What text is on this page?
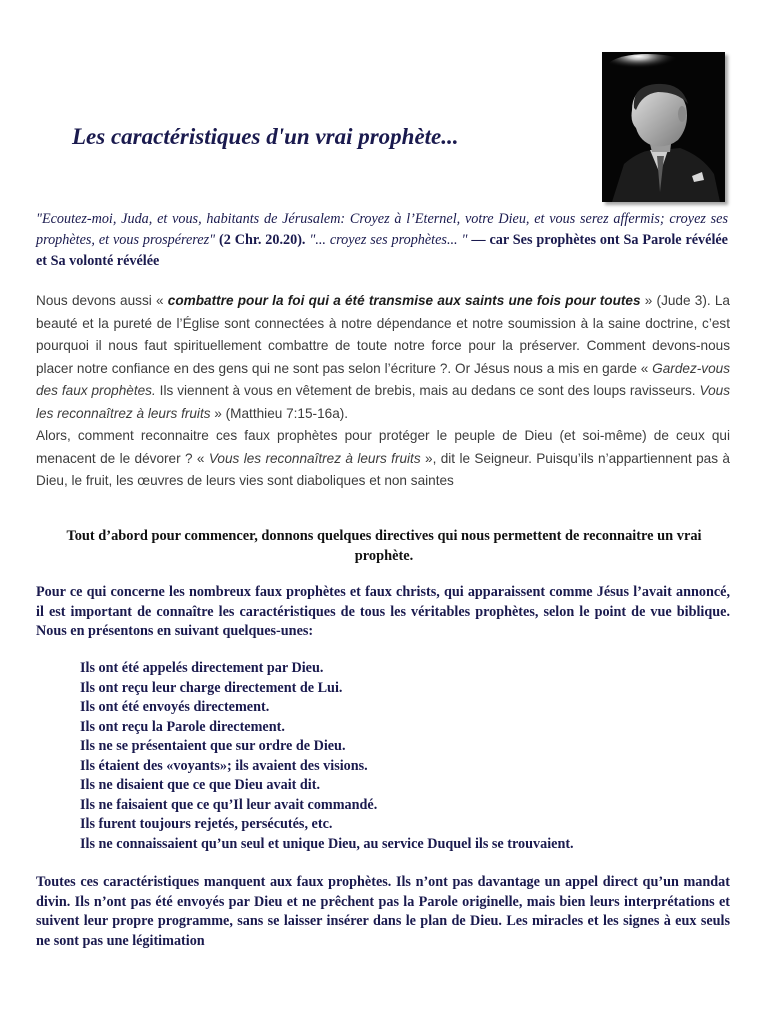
Les caractéristiques d'un vrai prophète...
"Ecoutez-moi, Juda, et vous, habitants de Jérusalem: Croyez à l’Eternel, votre Dieu, et vous serez affermis; croyez ses prophètes, et vous prospérerez" (2 Chr. 20.20). "... croyez ses prophètes... " — car Ses prophètes ont Sa Parole révélée et Sa volonté révélée

Nous devons aussi « combattre pour la foi qui a été transmise aux saints une fois pour toutes » (Jude 3). La beauté et la pureté de l’Église sont connectées à notre dépendance et notre soumission à la saine doctrine, c’est pourquoi il nous faut spirituellement combattre de toute notre force pour la préserver. Comment devons-nous placer notre confiance en des gens qui ne sont pas selon l’écriture ?. Or Jésus nous a mis en garde « Gardez-vous des faux prophètes. Ils viennent à vous en vêtement de brebis, mais au dedans ce sont des loups ravisseurs. Vous les reconnaîtrez à leurs fruits » (Matthieu 7:15-16a).

Alors, comment reconnaitre ces faux prophètes pour protéger le peuple de Dieu (et soi-même) de ceux qui menacent de le dévorer ? « Vous les reconnaîtrez à leurs fruits », dit le Seigneur. Puisqu’ils n’appartiennent pas à Dieu, le fruit, les œuvres de leurs vies sont diaboliques et non saintes

Tout d’abord pour commencer, donnons quelques directives qui nous permettent de reconnaitre un vrai prophète.
Pour ce qui concerne les nombreux faux prophètes et faux christs, qui apparaissent comme Jésus l’avait annoncé, il est important de connaître les caractéristiques de tous les véritables prophètes, selon le point de vue biblique. Nous en présentons en suivant quelques-unes:
Ils ont été appelés directement par Dieu.
Ils ont reçu leur charge directement de Lui.
Ils ont été envoyés directement.
Ils ont reçu la Parole directement.
Ils ne se présentaient que sur ordre de Dieu.
Ils étaient des «voyants»; ils avaient des visions.
Ils ne disaient que ce que Dieu avait dit.
Ils ne faisaient que ce qu’Il leur avait commandé.
Ils furent toujours rejetés, persécutés, etc.
Ils ne connaissaient qu’un seul et unique Dieu, au service Duquel ils se trouvaient.
Toutes ces caractéristiques manquent aux faux prophètes. Ils n’ont pas davantage un appel direct qu’un mandat divin. Ils n’ont pas été envoyés par Dieu et ne prêchent pas la Parole originelle, mais bien leurs interprétations et suivent leur propre programme, sans se laisser insérer dans le plan de Dieu. Les miracles et les signes à eux seuls ne sont pas une légitimation
